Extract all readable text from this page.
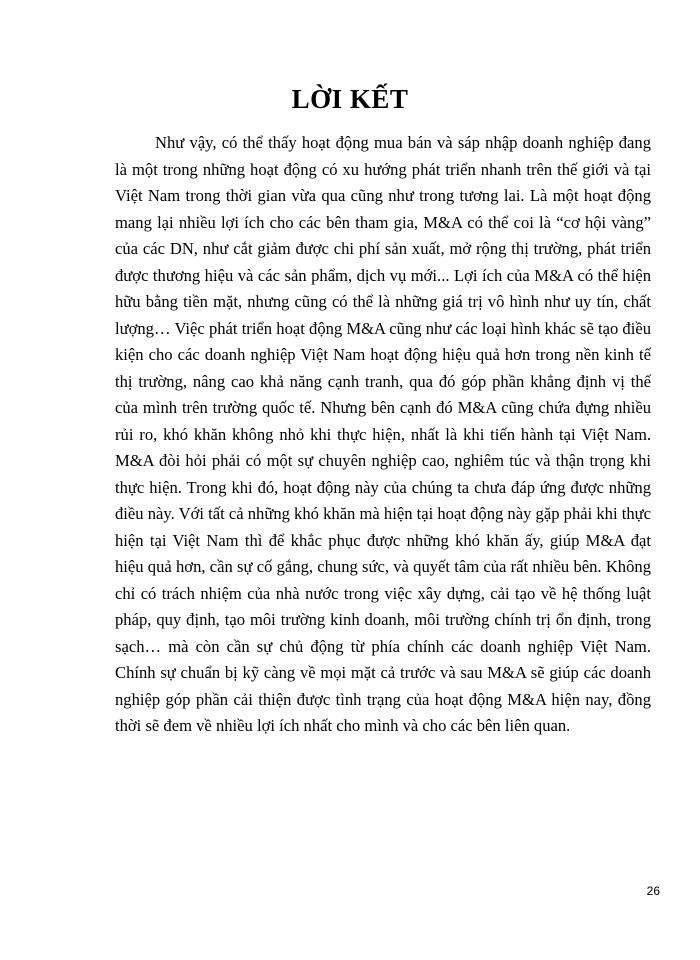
LỜI KẾT

Như vậy, có thể thấy hoạt động mua bán và sáp nhập doanh nghiệp đang là một trong những hoạt động có xu hướng phát triển nhanh trên thế giới và tại Việt Nam trong thời gian vừa qua cũng như trong tương lai. Là một hoạt động mang lại nhiều lợi ích cho các bên tham gia, M&A có thể coi là “cơ hội vàng” của các DN, như cắt giảm được chi phí sản xuất, mở rộng thị trường, phát triển được thương hiệu và các sản phẩm, dịch vụ mới... Lợi ích của M&A có thể hiện hữu bằng tiền mặt, nhưng cũng có thể là những giá trị vô hình như uy tín, chất lượng… Việc phát triển hoạt động M&A cũng như các loại hình khác sẽ tạo điều kiện cho các doanh nghiệp Việt Nam hoạt động hiệu quả hơn trong nền kinh tế thị trường, nâng cao khả năng cạnh tranh, qua đó góp phần khẳng định vị thế của mình trên trường quốc tế. Nhưng bên cạnh đó M&A cũng chứa đựng nhiều rủi ro, khó khăn không nhỏ khi thực hiện, nhất là khi tiến hành tại Việt Nam. M&A đòi hỏi phải có một sự chuyên nghiệp cao, nghiêm túc và thận trọng khi thực hiện. Trong khi đó, hoạt động này của chúng ta chưa đáp ứng được những điều này. Với tất cả những khó khăn mà hiện tại hoạt động này gặp phải khi thực hiện tại Việt Nam thì để khắc phục được những khó khăn ấy, giúp M&A đạt hiệu quả hơn, cần sự cố gắng, chung sức, và quyết tâm của rất nhiều bên. Không chỉ có trách nhiệm của nhà nước trong việc xây dựng, cải tạo về hệ thống luật pháp, quy định, tạo môi trường kinh doanh, môi trường chính trị ổn định, trong sạch… mà còn cần sự chủ động từ phía chính các doanh nghiệp Việt Nam. Chính sự chuẩn bị kỹ càng về mọi mặt cả trước và sau M&A sẽ giúp các doanh nghiệp góp phần cải thiện được tình trạng của hoạt động M&A hiện nay, đồng thời sẽ đem về nhiều lợi ích nhất cho mình và cho các bên liên quan.

26
